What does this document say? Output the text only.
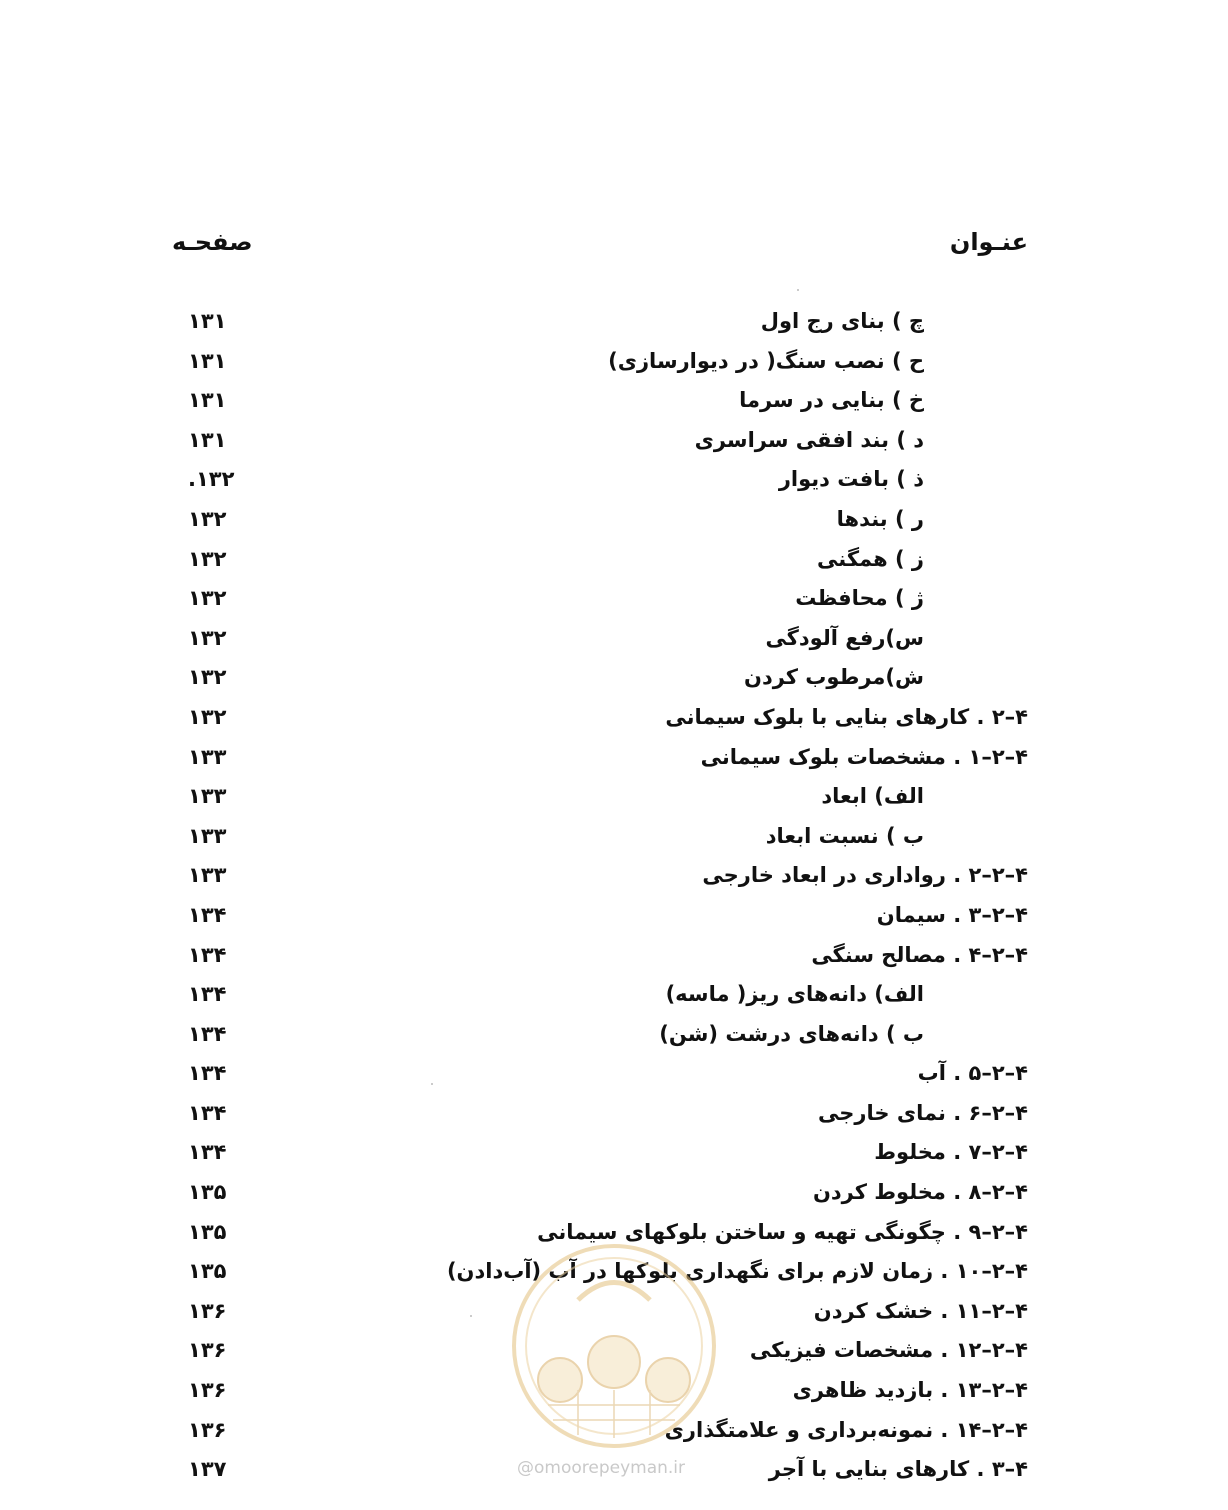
عنـوان
صفحـه
چ ) بنای رج اول
۱۳۱
ح ) نصب سنگ( در دیوارسازی)
۱۳۱
خ ) بنایی در سرما
۱۳۱
د ) بند افقی سراسری
۱۳۱
ذ ) بافت دیوار
۱۳۲.
ر ) بندها
۱۳۲
ز ) همگنی
۱۳۲
ژ ) محافظت
۱۳۲
س)رفع آلودگی
۱۳۲
ش)مرطوب کردن
۱۳۲
۴–۲ . کارهای بنایی با بلوک سیمانی
۱۳۲
۴–۲–۱ . مشخصات بلوک سیمانی
۱۳۳
الف) ابعاد
۱۳۳
ب ) نسبت ابعاد
۱۳۳
۴–۲–۲ . رواداری در ابعاد خارجی
۱۳۳
۴–۲–۳ . سیمان
۱۳۴
۴–۲–۴ . مصالح سنگی
۱۳۴
الف) دانه‌های ریز( ماسه)
۱۳۴
ب ) دانه‌های درشت (شن)
۱۳۴
۴–۲–۵ . آب
۱۳۴
۴–۲–۶ . نمای خارجی
۱۳۴
۴–۲–۷ . مخلوط
۱۳۴
۴–۲–۸ . مخلوط کردن
۱۳۵
۴–۲–۹ . چگونگی تهیه و ساختن بلوکهای سیمانی
۱۳۵
۴–۲–۱۰ . زمان لازم برای نگهداری بلوکها در آب (آب‌دادن)
۱۳۵
۴–۲–۱۱ . خشک کردن
۱۳۶
۴–۲–۱۲ . مشخصات فیزیکی
۱۳۶
۴–۲–۱۳ . بازدید ظاهری
۱۳۶
۴–۲–۱۴ . نمونه‌برداری و علامتگذاری
۱۳۶
۴–۳ . کارهای بنایی با آجر
۱۳۷	@omoorepeyman.ir
